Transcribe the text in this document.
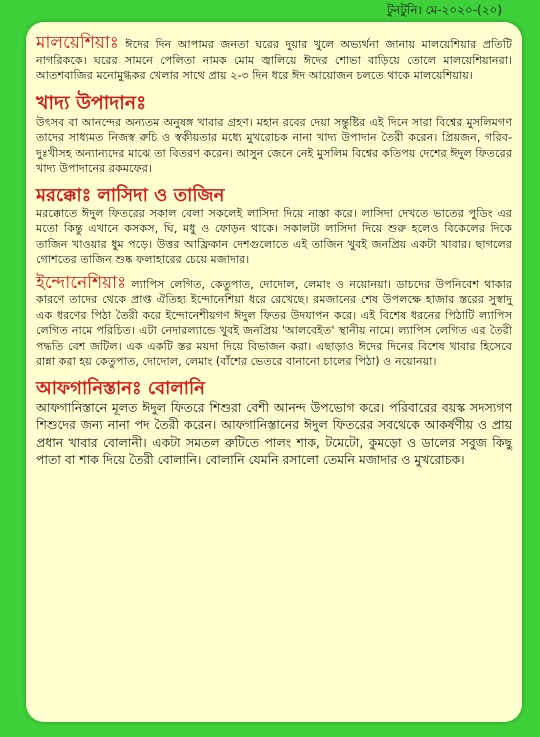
টুনটুনি। মে-২০২০-(২০)

মালয়েশিয়াঃ ঈদের দিন আপামর জনতা ঘরের দুয়ার খুলে অভ্যর্থনা জানায় মালয়েশিয়ার প্রতিটি নাগরিককে। ঘরের সামনে পেলিতা নামক মোম জ্বালিয়ে ঈদের শোভা বাড়িয়ে তোলে মালয়েশিয়ানরা। আতশবাজির মনোমুগ্ধকর খেলার সাথে প্রায় ২-৩ দিন ধরে ঈদ আয়োজন চলতে থাকে মালয়েশিয়ায়।

খাদ্য উপাদানঃ

উৎসব বা আনন্দের অন্যতম অনুষঙ্গ খাবার গ্রহণ। মহান রবের দেয়া সন্তুষ্টির এই দিনে সারা বিশ্বের মুসলিমগণ তাদের সাধ্যমত নিজস্ব রুচি ও স্বকীয়তার মধ্যে মুখরোচক নানা খাদ্য উপাদান তৈরী করেন। প্রিয়জন, গরিব-দুঃখীসহ অন্যান্যদের মাঝে তা বিতরণ করেন। আসুন জেনে নেই মুসলিম বিশ্বের কতিপয় দেশের ঈদুল ফিতরের খাদ্য উপাদানের রকমফের।

মরক্কোঃ লাসিদা ও তাজিন

মরক্কোতে ঈদুল ফিতরের সকাল বেলা সকলেই লাসিদা দিয়ে নাস্তা করে। লাসিদা দেখতে ভাতের পুডিং এর মতো কিন্তু এখানে কসকস, ঘি, মধু ও ফোড়ন থাকে। সকালটা লাসিদা দিয়ে শুরু হলেও বিকেলের দিকে তাজিন খাওয়ার ধুম পড়ে। উত্তর আফ্রিকান দেশগুলোতে এই তাজিন খুবই জনপ্রিয় একটা খাবার। ছাগলের গোশতের তাজিন শুষ্ক ফলাহারের চেয়ে মজাদার।

ইন্দোনেশিয়াঃ ল্যাপিস লেগিত, কেতুপাত, দোদোল, লেমাং ও নয়োনয়া। ডাচদের উপনিবেশ থাকার কারণে তাদের থেকে প্রাপ্ত ঐতিহ্য ইন্দোনেশিয়া ধরে রেখেছে। রমজানের শেষ উপলক্ষে হাজার স্তরের সুস্বাদু এক ধরণের পিঠা তৈরী করে ইন্দোনেশীয়গণ ঈদুল ফিতর উদযাপন করে। এই বিশেষ ধরনের পিঠাটি ল্যাপিস লেগিত নামে পরিচিত। এটা নেদারল্যান্ডে খুবই জনপ্রিয় 'আলবেইত' স্থানীয় নামে। ল্যাপিস লেগিত এর তৈরী পদ্ধতি বেশ জটিল। এক একটি স্তর ময়দা দিয়ে বিভাজন করা। এছাড়াও ঈদের দিনের বিশেষ খাবার হিসেবে রান্না করা হয় কেতুপাত, দোদোল, লেমাং (বাঁশের ভেতরে বানানো চালের পিঠা) ও নয়োনয়া।

আফগানিস্তানঃ বোলানি

আফগানিস্তানে মূলত ঈদুল ফিতরে শিশুরা বেশী আনন্দ উপভোগ করে। পরিবারের বয়স্ক সদস্যগণ শিশুদের জন্য নানা পদ তৈরী করেন। আফগানিস্তানের ঈদুল ফিতরের সবথেকে আকর্ষণীয় ও প্রায় প্রধান খাবার বোলানী। একটা সমতল রুটিতে পালং শাক, টমেটো, কুমড়ো ও ডালের সবুজ কিছু পাতা বা শাক দিয়ে তৈরী বোলানি। বোলানি যেমনি রসালো তেমনি মজাদার ও মুখরোচক।
